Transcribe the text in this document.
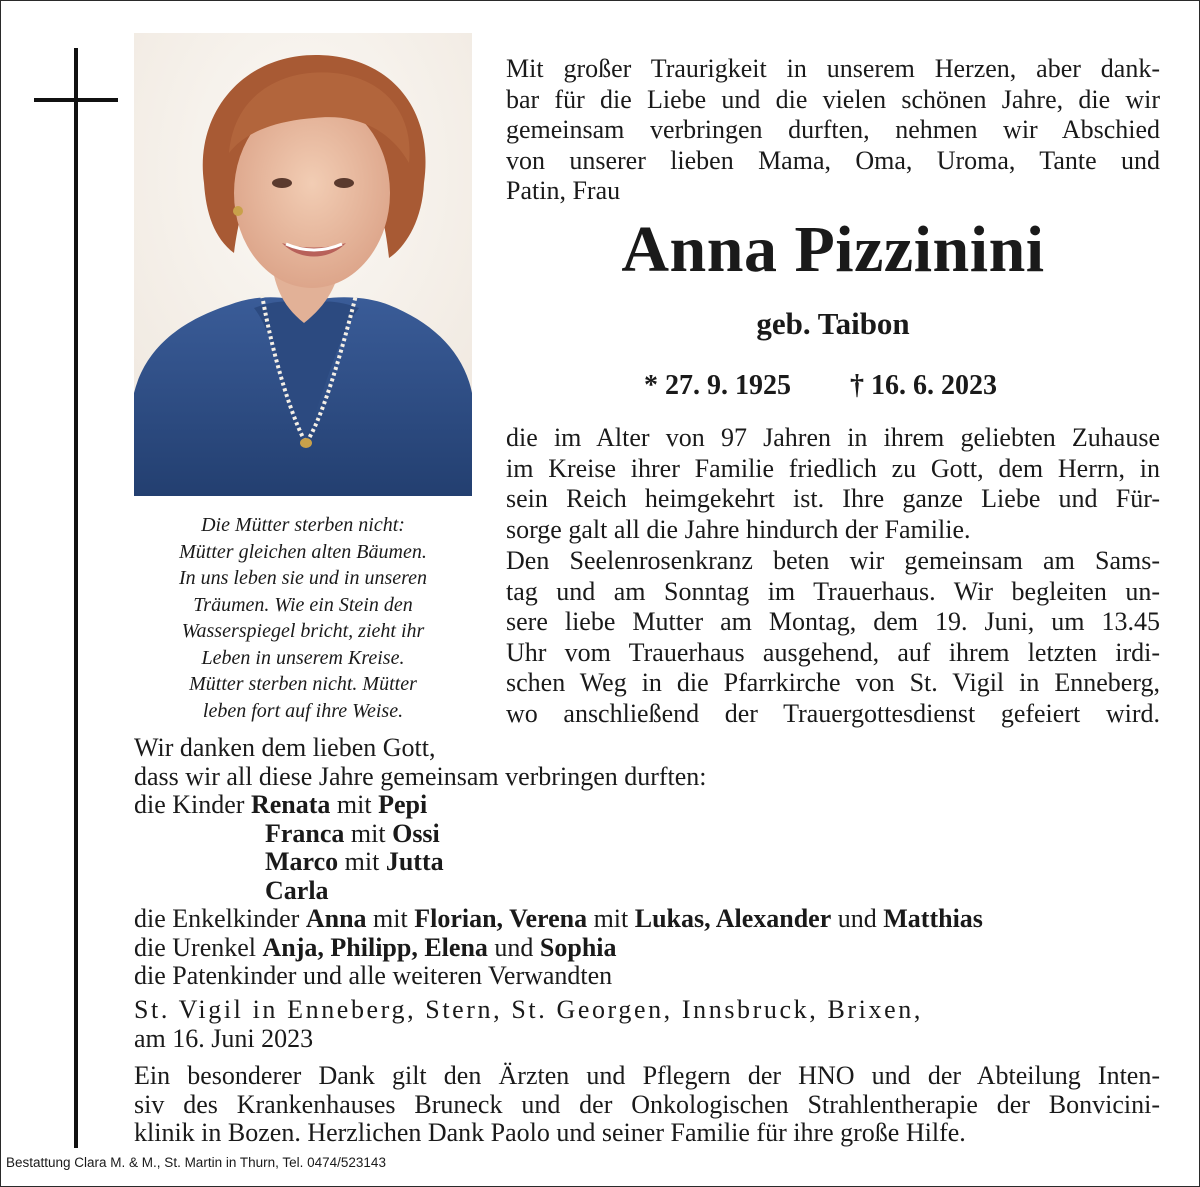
Die Mütter sterben nicht:
Mütter gleichen alten Bäumen.
In uns leben sie und in unseren
Träumen. Wie ein Stein den
Wasserspiegel bricht, zieht ihr
Leben in unserem Kreise.
Mütter sterben nicht. Mütter
leben fort auf ihre Weise.
Mit großer Traurigkeit in unserem Herzen, aber dank-
bar für die Liebe und die vielen schönen Jahre, die wir
gemeinsam verbringen durften, nehmen wir Abschied
von unserer lieben Mama, Oma, Uroma, Tante und
Patin, Frau
Anna Pizzinini
geb. Taibon
* 27. 9. 1925 † 16. 6. 2023
die im Alter von 97 Jahren in ihrem geliebten Zuhause
im Kreise ihrer Familie friedlich zu Gott, dem Herrn, in
sein Reich heimgekehrt ist. Ihre ganze Liebe und Für-
sorge galt all die Jahre hindurch der Familie.
Den Seelenrosenkranz beten wir gemeinsam am Sams-
tag und am Sonntag im Trauerhaus. Wir begleiten un-
sere liebe Mutter am Montag, dem 19. Juni, um 13.45
Uhr vom Trauerhaus ausgehend, auf ihrem letzten irdi-
schen Weg in die Pfarrkirche von St. Vigil in Enneberg,
wo anschließend der Trauergottesdienst gefeiert wird.
Wir danken dem lieben Gott,
dass wir all diese Jahre gemeinsam verbringen durften:
die Kinder Renata mit Pepi
Franca mit Ossi
Marco mit Jutta
Carla
die Enkelkinder Anna mit Florian, Verena mit Lukas, Alexander und Matthias
die Urenkel Anja, Philipp, Elena und Sophia
die Patenkinder und alle weiteren Verwandten
St. Vigil in Enneberg, Stern, St. Georgen, Innsbruck, Brixen,
am 16. Juni 2023
Ein besonderer Dank gilt den Ärzten und Pflegern der HNO und der Abteilung Inten-
siv des Krankenhauses Bruneck und der Onkologischen Strahlentherapie der Bonvicini-
klinik in Bozen. Herzlichen Dank Paolo und seiner Familie für ihre große Hilfe.
Bestattung Clara M. & M., St. Martin in Thurn, Tel. 0474/523143
